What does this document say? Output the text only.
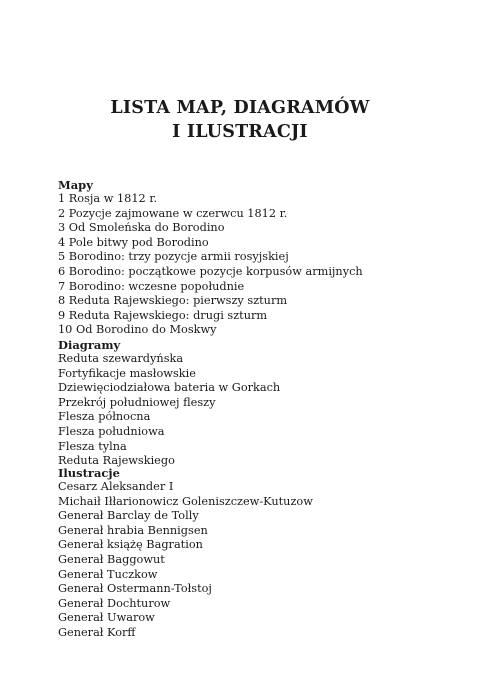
LISTA MAP, DIAGRAMÓW
I ILUSTRACJI
Mapy
1 Rosja w 1812 r.
2 Pozycje zajmowane w czerwcu 1812 r.
3 Od Smoleńska do Borodino
4 Pole bitwy pod Borodino
5 Borodino: trzy pozycje armii rosyjskiej
6 Borodino: początkowe pozycje korpusów armijnych
7 Borodino: wczesne popołudnie
8 Reduta Rajewskiego: pierwszy szturm
9 Reduta Rajewskiego: drugi szturm
10 Od Borodino do Moskwy
Diagramy
Reduta szewardyńska
Fortyfikacje masłowskie
Dziewięciodziałowa bateria w Gorkach
Przekrój południowej fleszy
Flesza północna
Flesza południowa
Flesza tylna
Reduta Rajewskiego
Ilustracje
Cesarz Aleksander I
Michaił Iłłarionowicz Goleniszczew-Kutuzow
Generał Barclay de Tolly
Generał hrabia Bennigsen
Generał książę Bagration
Generał Baggowut
Generał Tuczkow
Generał Ostermann-Tołstoj
Generał Dochturow
Generał Uwarow
Generał Korff
